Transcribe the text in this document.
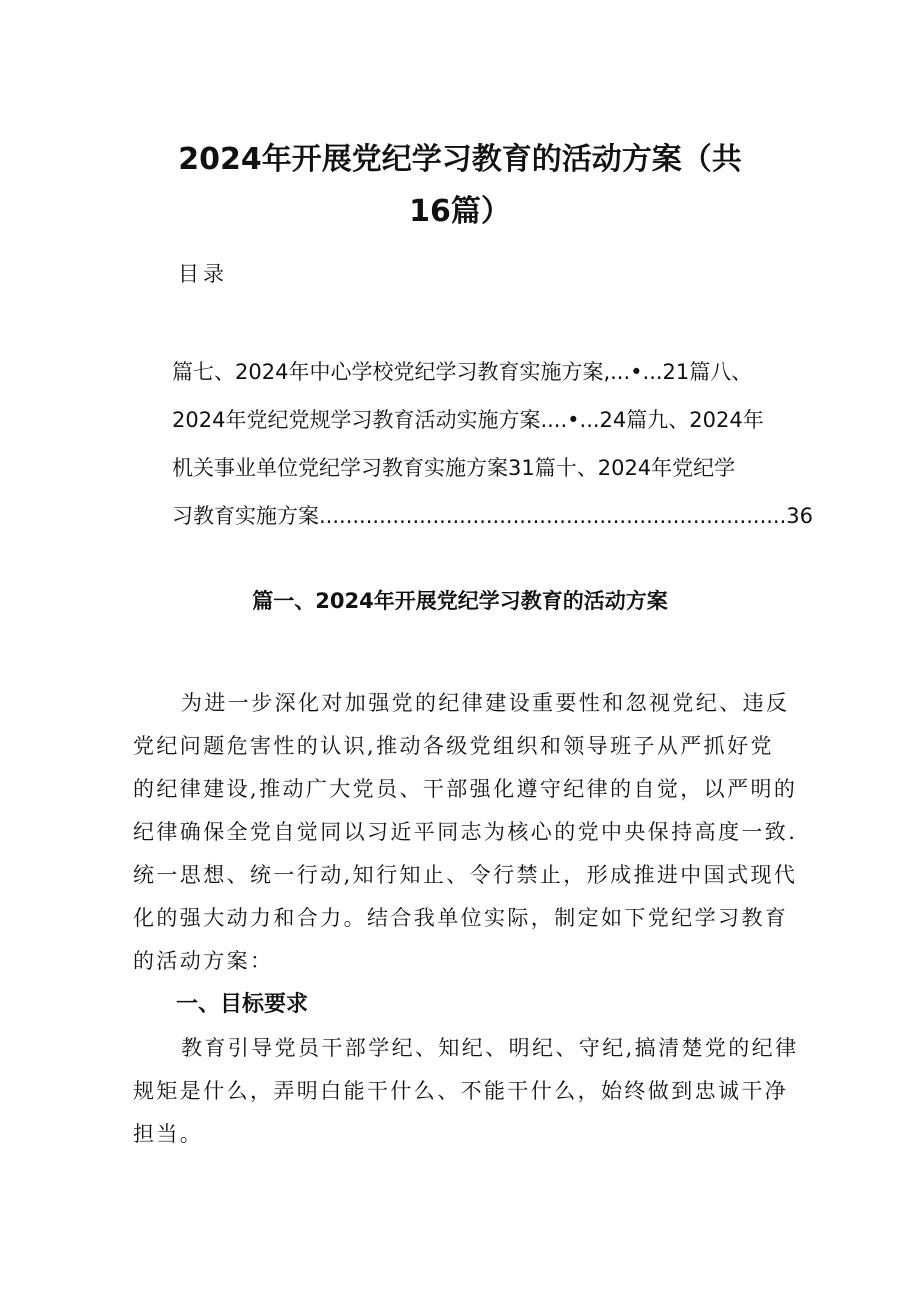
2024年开展党纪学习教育的活动方案（共
16篇）
目录
篇七、2024年中心学校党纪学习教育实施方案,...•...21篇八、
2024年党纪党规学习教育活动实施方案....•...24篇九、2024年
机关事业单位党纪学习教育实施方案31篇十、2024年党纪学
习教育实施方案......................................................................36
篇一、2024年开展党纪学习教育的活动方案
为进一步深化对加强党的纪律建设重要性和忽视党纪、违反
党纪问题危害性的认识,推动各级党组织和领导班子从严抓好党
的纪律建设,推动广大党员、干部强化遵守纪律的自觉，以严明的
纪律确保全党自觉同以习近平同志为核心的党中央保持高度一致.
统一思想、统一行动,知行知止、令行禁止，形成推进中国式现代
化的强大动力和合力。结合我单位实际，制定如下党纪学习教育
的活动方案：
一、目标要求
教育引导党员干部学纪、知纪、明纪、守纪,搞清楚党的纪律
规矩是什么，弄明白能干什么、不能干什么，始终做到忠诚干净
担当。
